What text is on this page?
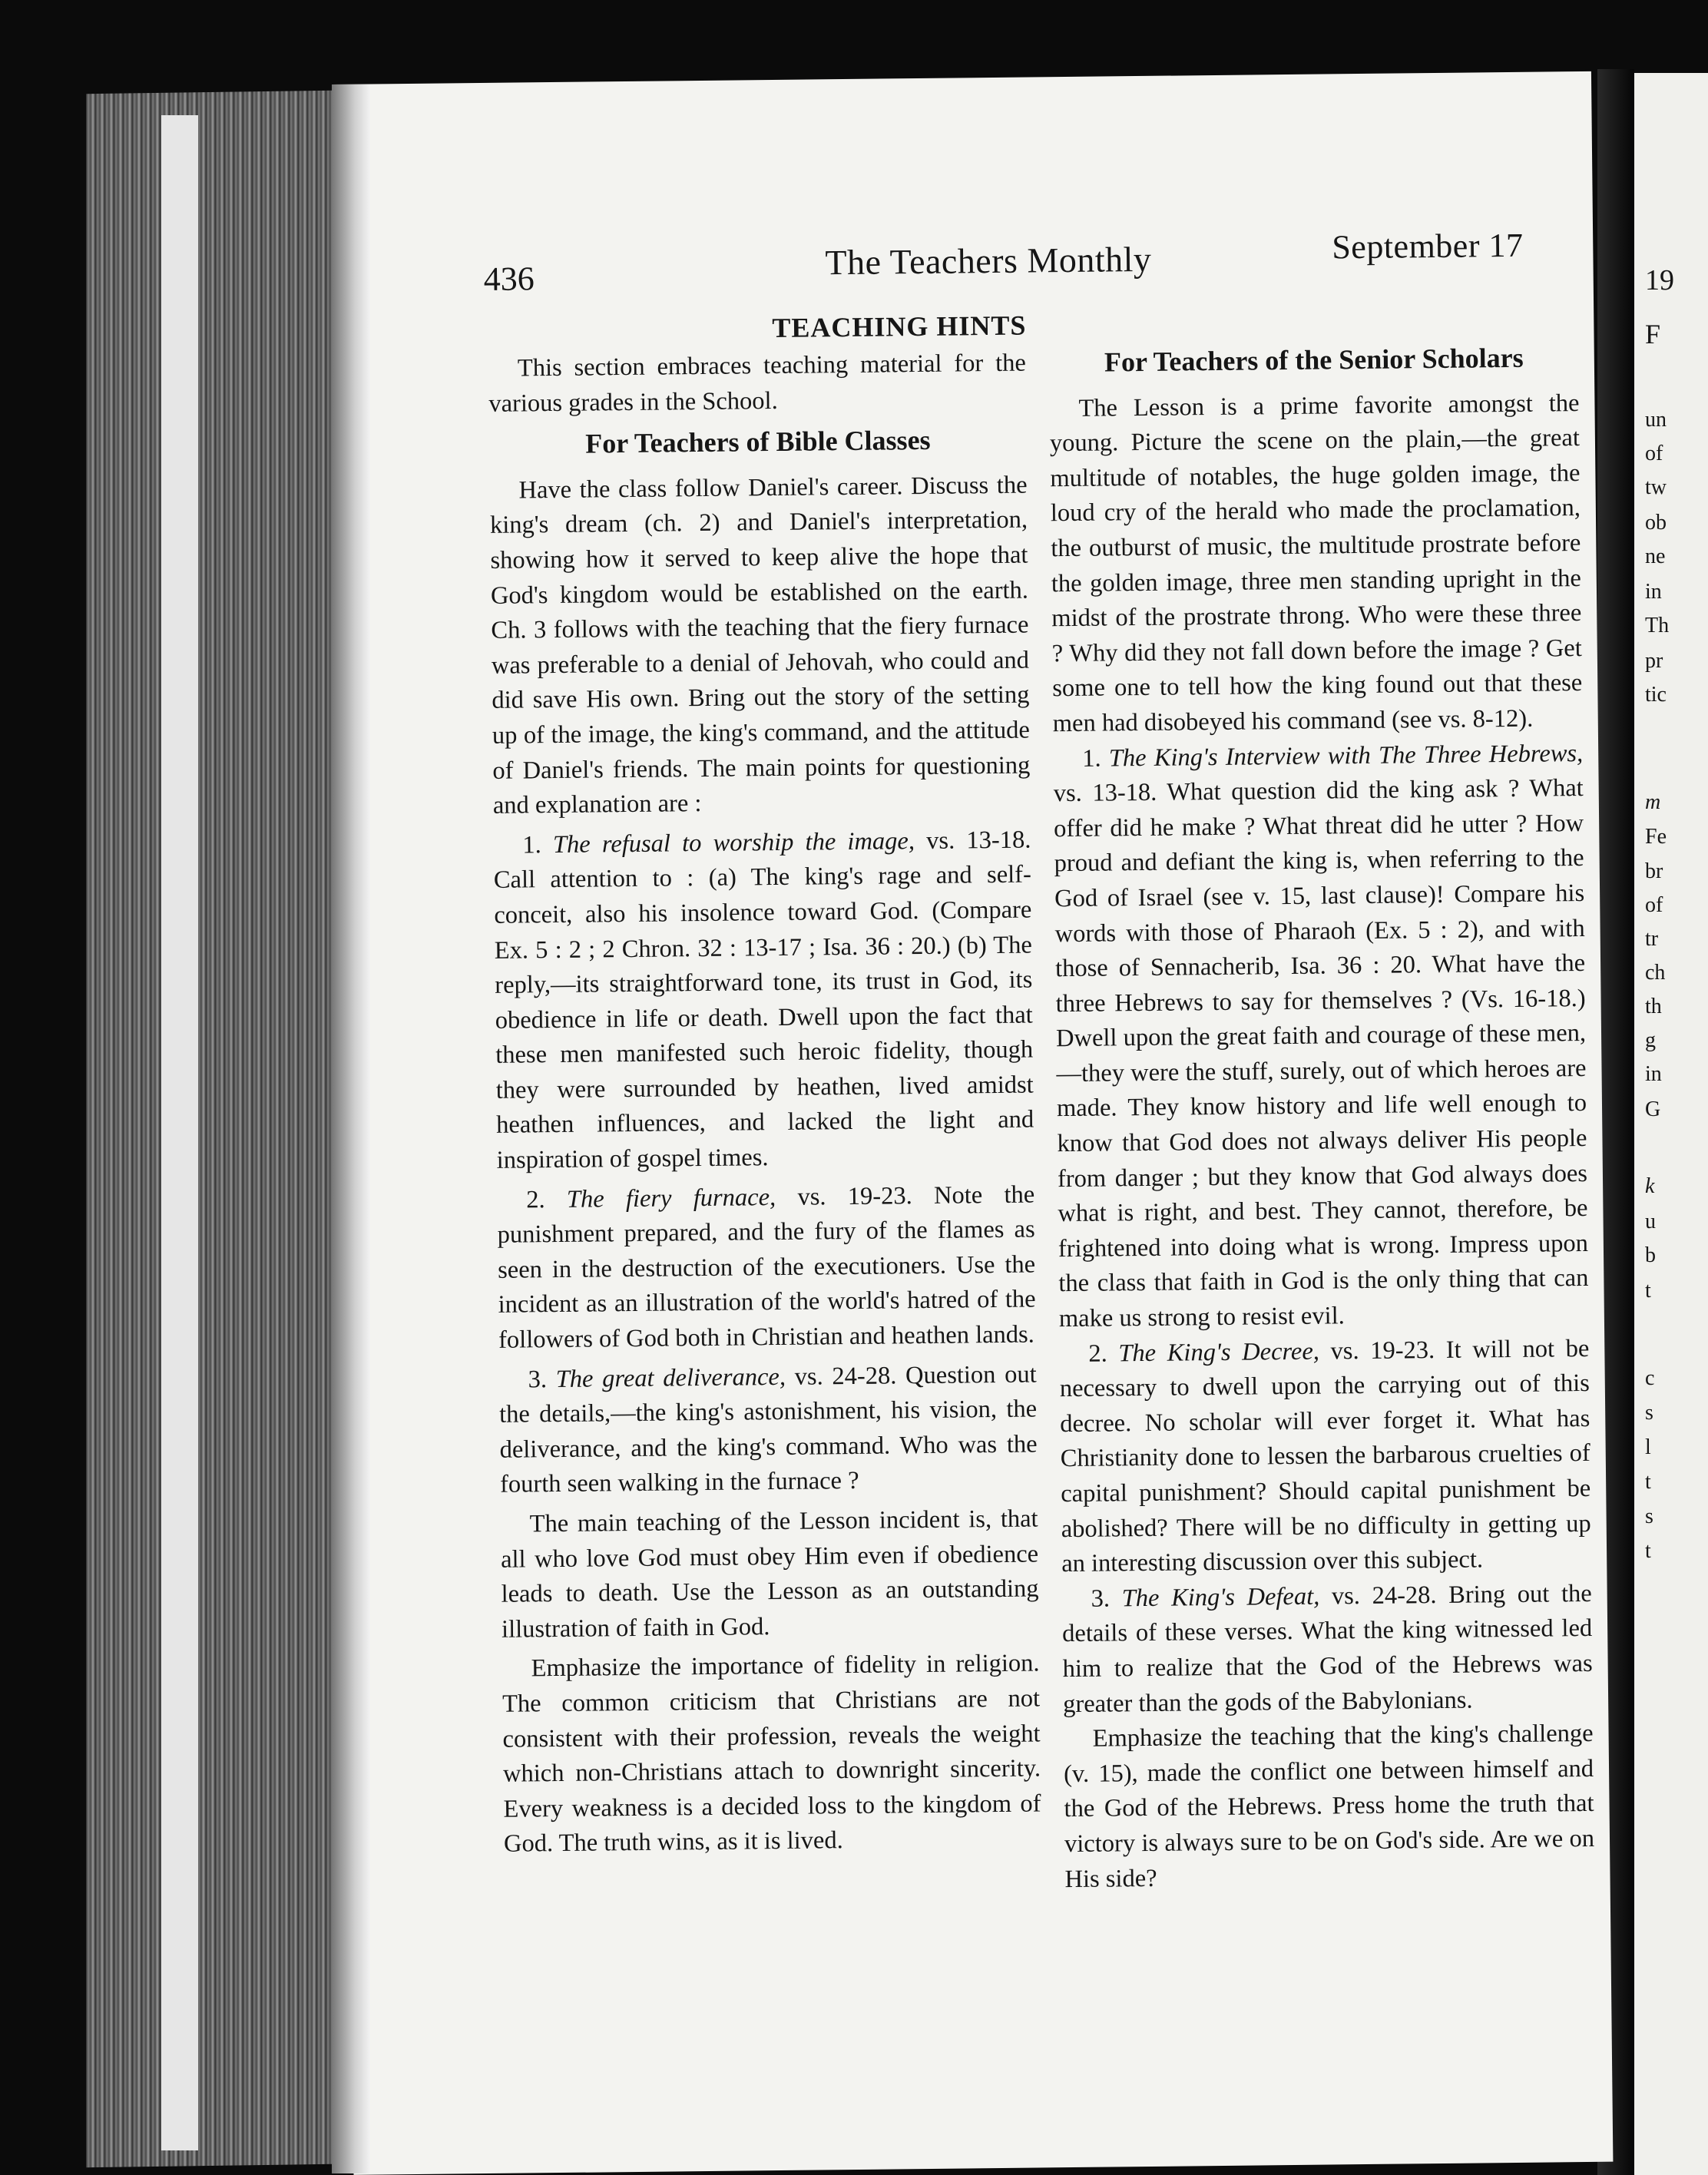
19
F
un
of
tw
ob
ne
in
Th
pr
tic
m
Fe
br
of
tr
ch
th
g
in
G
k
u
b
t
c
s
l
t
s
t
436	The Teachers Monthly	September 17
TEACHING HINTS

This section embraces teaching material for the various grades in the School.

For Teachers of Bible Classes

Have the class follow Daniel's career. Discuss the king's dream (ch. 2) and Daniel's interpretation, showing how it served to keep alive the hope that God's kingdom would be established on the earth. Ch. 3 follows with the teaching that the fiery furnace was preferable to a denial of Jehovah, who could and did save His own. Bring out the story of the setting up of the image, the king's command, and the attitude of Daniel's friends. The main points for questioning and explanation are :

1. The refusal to worship the image, vs. 13-18. Call attention to : (a) The king's rage and self-conceit, also his insolence toward God. (Compare Ex. 5 : 2 ; 2 Chron. 32 : 13-17 ; Isa. 36 : 20.) (b) The reply,—its straightforward tone, its trust in God, its obedience in life or death. Dwell upon the fact that these men manifested such heroic fidelity, though they were surrounded by heathen, lived amidst heathen influences, and lacked the light and inspiration of gospel times.

2. The fiery furnace, vs. 19-23. Note the punishment prepared, and the fury of the flames as seen in the destruction of the executioners. Use the incident as an illustration of the world's hatred of the followers of God both in Christian and heathen lands.

3. The great deliverance, vs. 24-28. Question out the details,—the king's astonishment, his vision, the deliverance, and the king's command. Who was the fourth seen walking in the furnace ?

The main teaching of the Lesson incident is, that all who love God must obey Him even if obedience leads to death. Use the Lesson as an outstanding illustration of faith in God.

Emphasize the importance of fidelity in religion. The common criticism that Christians are not consistent with their profession, reveals the weight which non-Christians attach to downright sincerity. Every weakness is a decided loss to the kingdom of God. The truth wins, as it is lived.

For Teachers of the Senior Scholars

The Lesson is a prime favorite amongst the young. Picture the scene on the plain,—the great multitude of notables, the huge golden image, the loud cry of the herald who made the proclamation, the outburst of music, the multitude prostrate before the golden image, three men standing upright in the midst of the prostrate throng. Who were these three ? Why did they not fall down before the image ? Get some one to tell how the king found out that these men had disobeyed his command (see vs. 8-12).

1. The King's Interview with The Three Hebrews, vs. 13-18. What question did the king ask ? What offer did he make ? What threat did he utter ? How proud and defiant the king is, when referring to the God of Israel (see v. 15, last clause)! Compare his words with those of Pharaoh (Ex. 5 : 2), and with those of Sennacherib, Isa. 36 : 20. What have the three Hebrews to say for themselves ? (Vs. 16-18.) Dwell upon the great faith and courage of these men,—they were the stuff, surely, out of which heroes are made. They know history and life well enough to know that God does not always deliver His people from danger ; but they know that God always does what is right, and best. They cannot, therefore, be frightened into doing what is wrong. Impress upon the class that faith in God is the only thing that can make us strong to resist evil.

2. The King's Decree, vs. 19-23. It will not be necessary to dwell upon the carrying out of this decree. No scholar will ever forget it. What has Christianity done to lessen the barbarous cruelties of capital punishment? Should capital punishment be abolished? There will be no difficulty in getting up an interesting discussion over this subject.

3. The King's Defeat, vs. 24-28. Bring out the details of these verses. What the king witnessed led him to realize that the God of the Hebrews was greater than the gods of the Babylonians.

Emphasize the teaching that the king's challenge (v. 15), made the conflict one between himself and the God of the Hebrews. Press home the truth that victory is always sure to be on God's side. Are we on His side?
